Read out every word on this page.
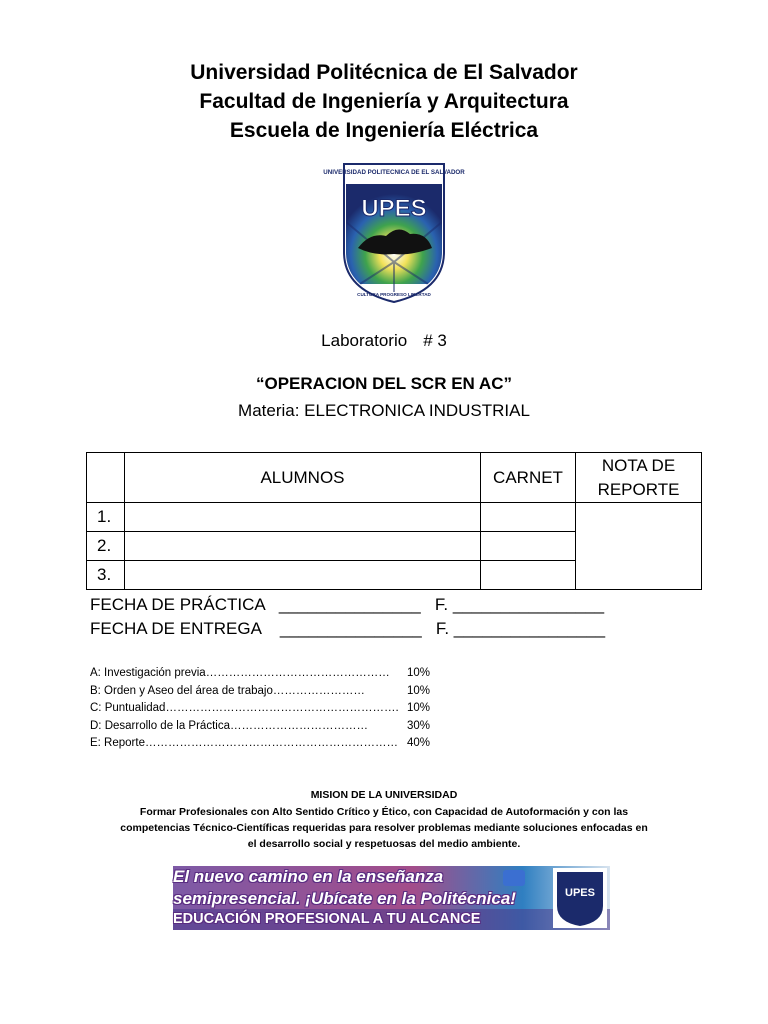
Universidad Politécnica de El Salvador
Facultad de Ingeniería y Arquitectura
Escuela de Ingeniería Eléctrica
UNIVERSIDAD POLITECNICA DE EL SALVADOR
UPES
CULTURA PROGRESO LIBERTAD
Laboratorio # 3
“OPERACION DEL SCR EN AC”
Materia: ELECTRONICA INDUSTRIAL
	ALUMNOS	CARNET	NOTA DE REPORTE
1.			
2.			
3.			
FECHA DE PRÁCTICA   _______________   F. ________________
FECHA DE ENTREGA    _______________   F. ________________
A: Investigación previa………………………………………… 10%
B: Orden y Aseo del área de trabajo……………………	10%
C: Puntualidad……………………………………………………. 10%
D: Desarrollo de la Práctica………………………………	30%
E: Reporte………………………………………………………… 40%
MISION DE LA UNIVERSIDAD
Formar Profesionales con Alto Sentido Crítico y Ético, con Capacidad de Autoformación y con las competencias Técnico-Científicas requeridas para resolver problemas mediante soluciones enfocadas en el desarrollo social y respetuosas del medio ambiente.
UPES
El nuevo camino en la enseñanza
semipresencial. ¡Ubícate en la Politécnica!
EDUCACIÓN PROFESIONAL A TU ALCANCE
